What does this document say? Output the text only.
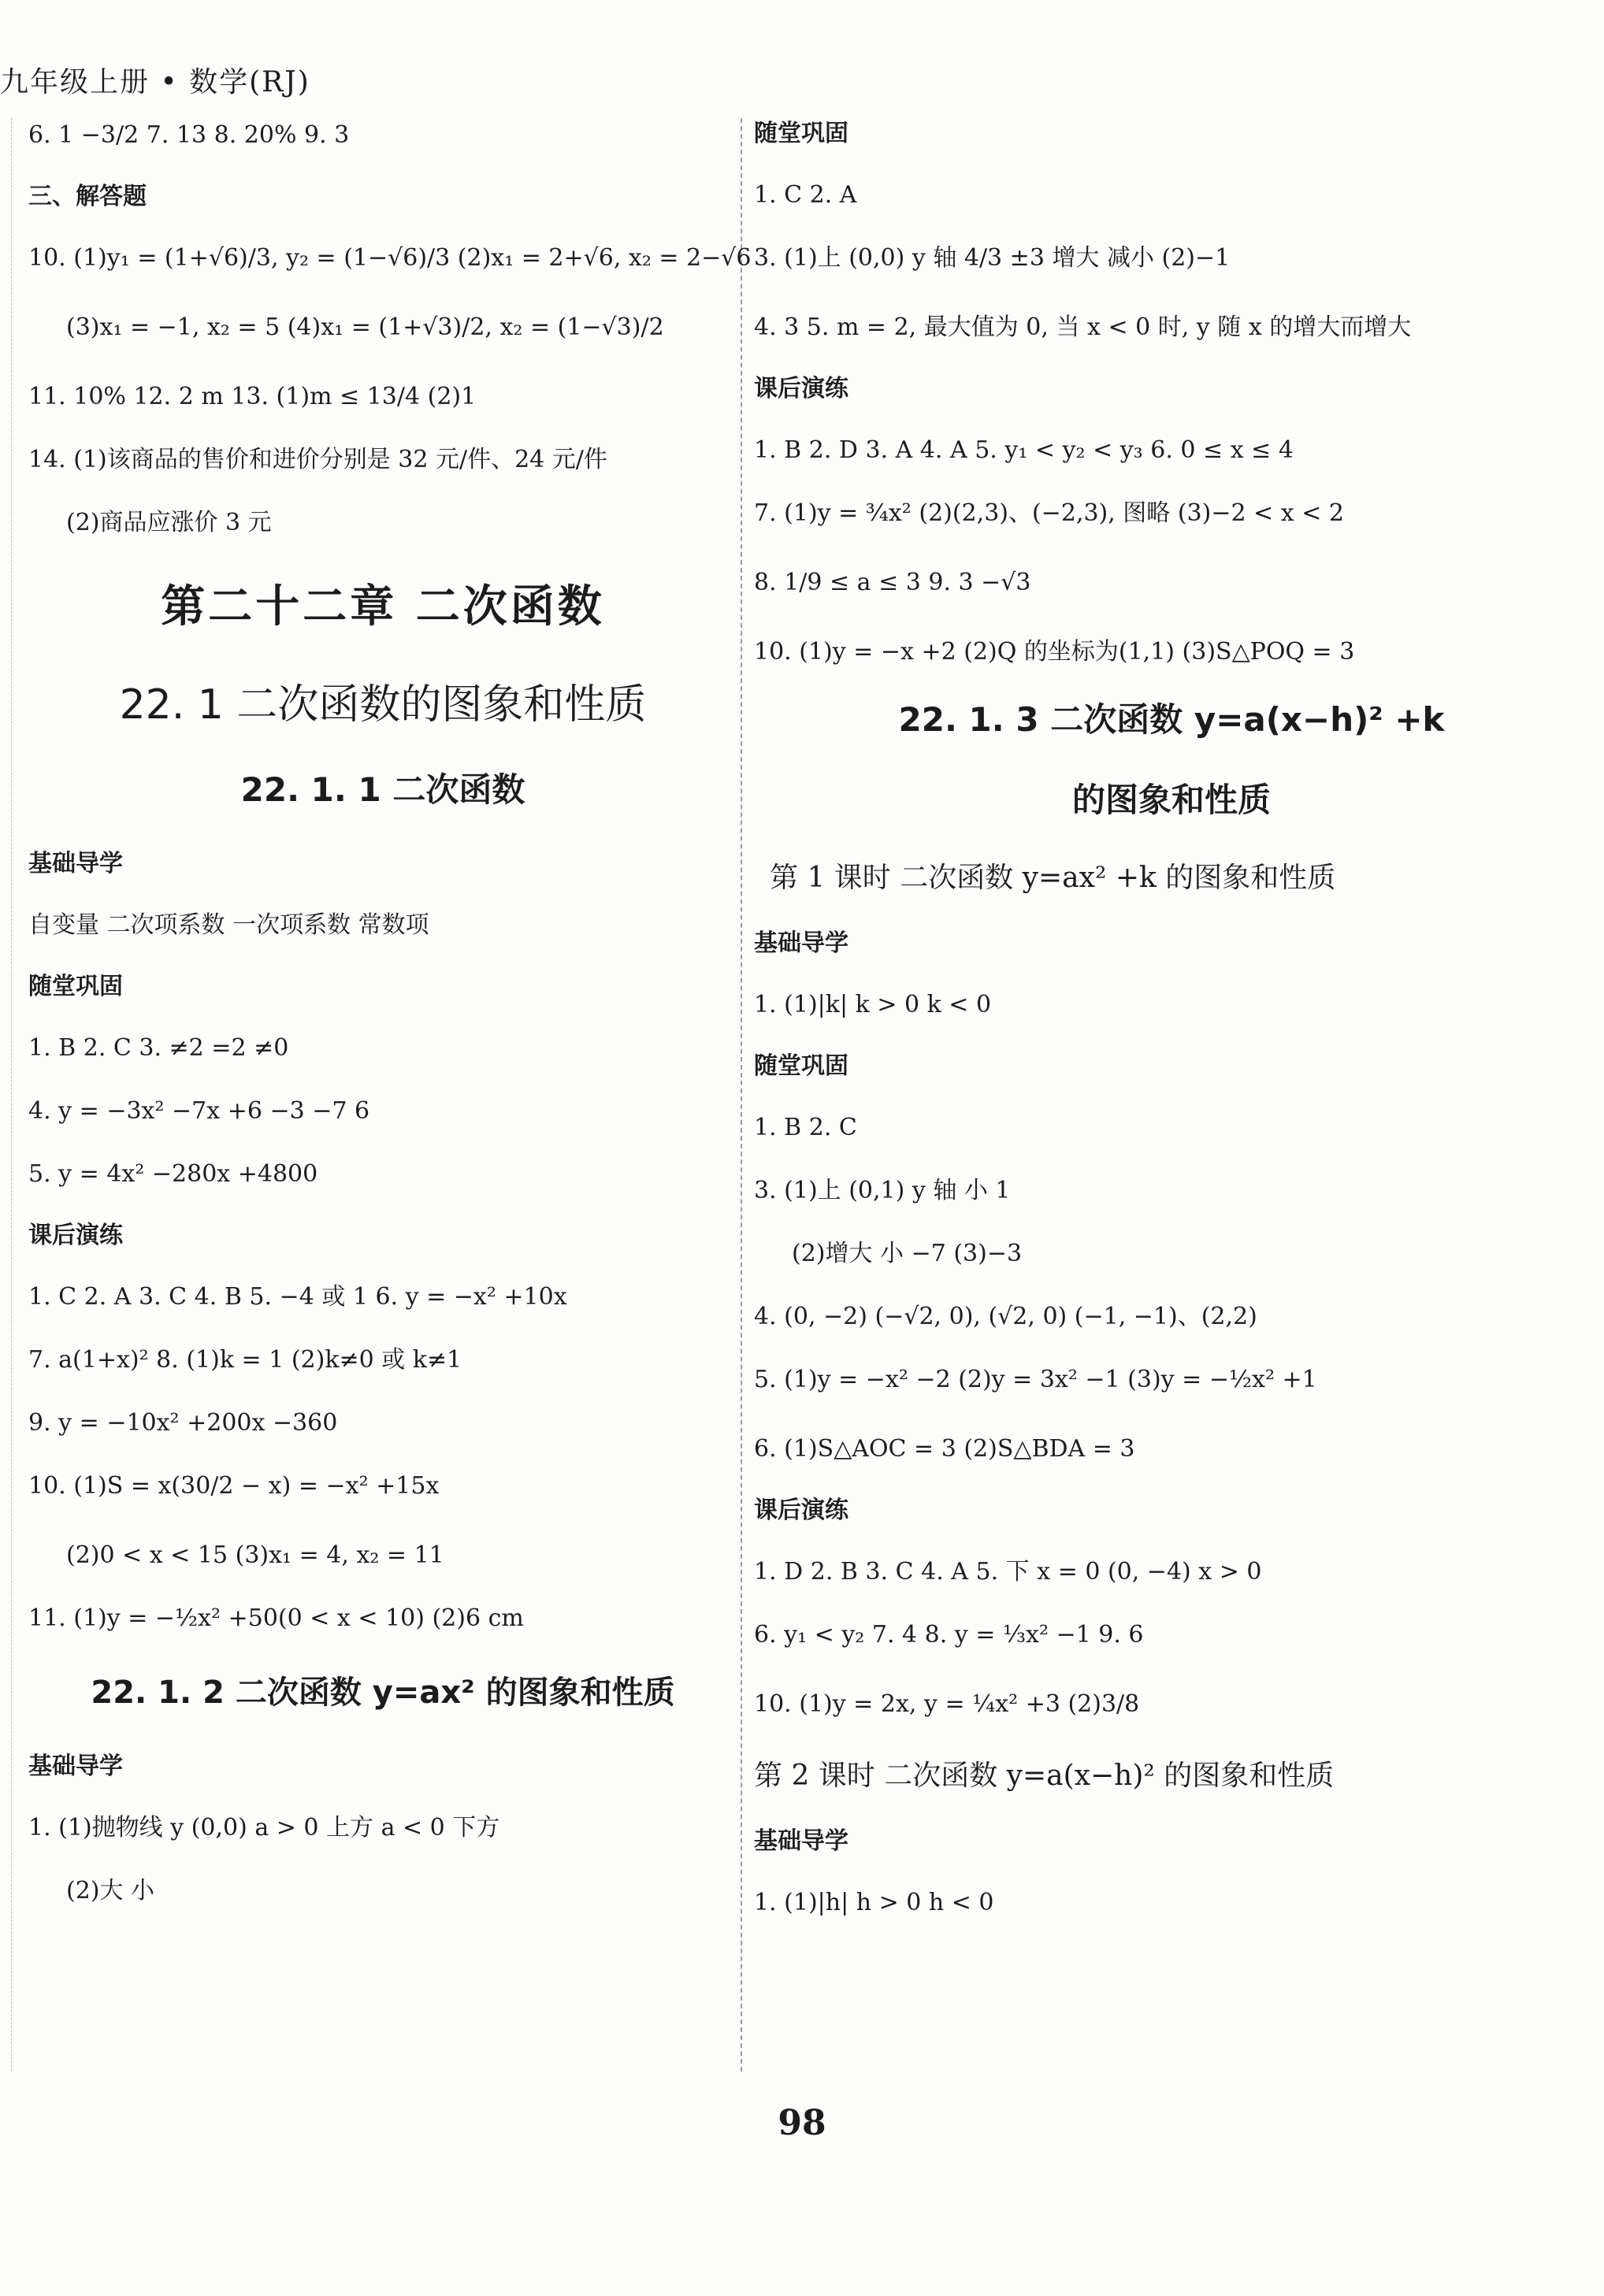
九年级上册 • 数学(RJ)
6. 1 −3/2 7. 13 8. 20% 9. 3
三、解答题
10. (1)y₁ = (1+√6)/3, y₂ = (1−√6)/3 (2)x₁ = 2+√6, x₂ = 2−√6
(3)x₁ = −1, x₂ = 5 (4)x₁ = (1+√3)/2, x₂ = (1−√3)/2
11. 10% 12. 2 m 13. (1)m ≤ 13/4 (2)1
14. (1)该商品的售价和进价分别是 32 元/件、24 元/件
(2)商品应涨价 3 元
第二十二章 二次函数
22. 1 二次函数的图象和性质
22. 1. 1 二次函数
基础导学
自变量 二次项系数 一次项系数 常数项
随堂巩固
1. B 2. C 3. ≠2 =2 ≠0
4. y = −3x² −7x +6 −3 −7 6
5. y = 4x² −280x +4800
课后演练
1. C 2. A 3. C 4. B 5. −4 或 1 6. y = −x² +10x
7. a(1+x)² 8. (1)k = 1 (2)k≠0 或 k≠1
9. y = −10x² +200x −360
10. (1)S = x(30/2 − x) = −x² +15x
(2)0 < x < 15 (3)x₁ = 4, x₂ = 11
11. (1)y = −½x² +50(0 < x < 10) (2)6 cm
22. 1. 2 二次函数 y=ax² 的图象和性质
基础导学
1. (1)抛物线 y (0,0) a > 0 上方 a < 0 下方
(2)大 小
随堂巩固
1. C 2. A
3. (1)上 (0,0) y 轴 4/3 ±3 增大 减小 (2)−1
4. 3 5. m = 2, 最大值为 0, 当 x < 0 时, y 随 x 的增大而增大
课后演练
1. B 2. D 3. A 4. A 5. y₁ < y₂ < y₃ 6. 0 ≤ x ≤ 4
7. (1)y = ¾x² (2)(2,3)、(−2,3), 图略 (3)−2 < x < 2
8. 1/9 ≤ a ≤ 3 9. 3 −√3
10. (1)y = −x +2 (2)Q 的坐标为(1,1) (3)S△POQ = 3
22. 1. 3 二次函数 y=a(x−h)² +k
的图象和性质
第 1 课时 二次函数 y=ax² +k 的图象和性质
基础导学
1. (1)|k| k > 0 k < 0
随堂巩固
1. B 2. C
3. (1)上 (0,1) y 轴 小 1
(2)增大 小 −7 (3)−3
4. (0, −2) (−√2, 0), (√2, 0) (−1, −1)、(2,2)
5. (1)y = −x² −2 (2)y = 3x² −1 (3)y = −½x² +1
6. (1)S△AOC = 3 (2)S△BDA = 3
课后演练
1. D 2. B 3. C 4. A 5. 下 x = 0 (0, −4) x > 0
6. y₁ < y₂ 7. 4 8. y = ⅓x² −1 9. 6
10. (1)y = 2x, y = ¼x² +3 (2)3/8
第 2 课时 二次函数 y=a(x−h)² 的图象和性质
基础导学
1. (1)|h| h > 0 h < 0
98
